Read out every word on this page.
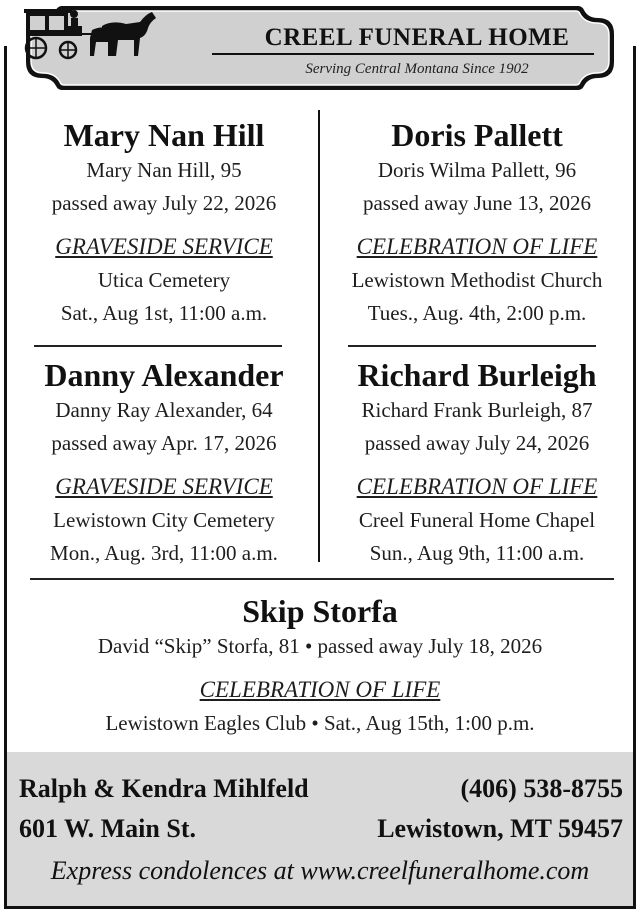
CREEL FUNERAL HOME
Serving Central Montana Since 1902
Mary Nan Hill
Mary Nan Hill, 95
passed away July 22, 2026
GRAVESIDE SERVICE
Utica Cemetery
Sat., Aug 1st, 11:00 a.m.
Doris Pallett
Doris Wilma Pallett, 96
passed away June 13, 2026
CELEBRATION OF LIFE
Lewistown Methodist Church
Tues., Aug. 4th, 2:00 p.m.
Danny Alexander
Danny Ray Alexander, 64
passed away Apr. 17, 2026
GRAVESIDE SERVICE
Lewistown City Cemetery
Mon., Aug. 3rd, 11:00 a.m.
Richard Burleigh
Richard Frank Burleigh, 87
passed away July 24, 2026
CELEBRATION OF LIFE
Creel Funeral Home Chapel
Sun., Aug 9th, 11:00 a.m.
Skip Storfa
David “Skip” Storfa, 81 • passed away July 18, 2026
CELEBRATION OF LIFE
Lewistown Eagles Club • Sat., Aug 15th, 1:00 p.m.
Ralph & Kendra Mihlfeld	(406) 538-8755
601 W. Main St.	Lewistown, MT 59457
Express condolences at www.creelfuneralhome.com
